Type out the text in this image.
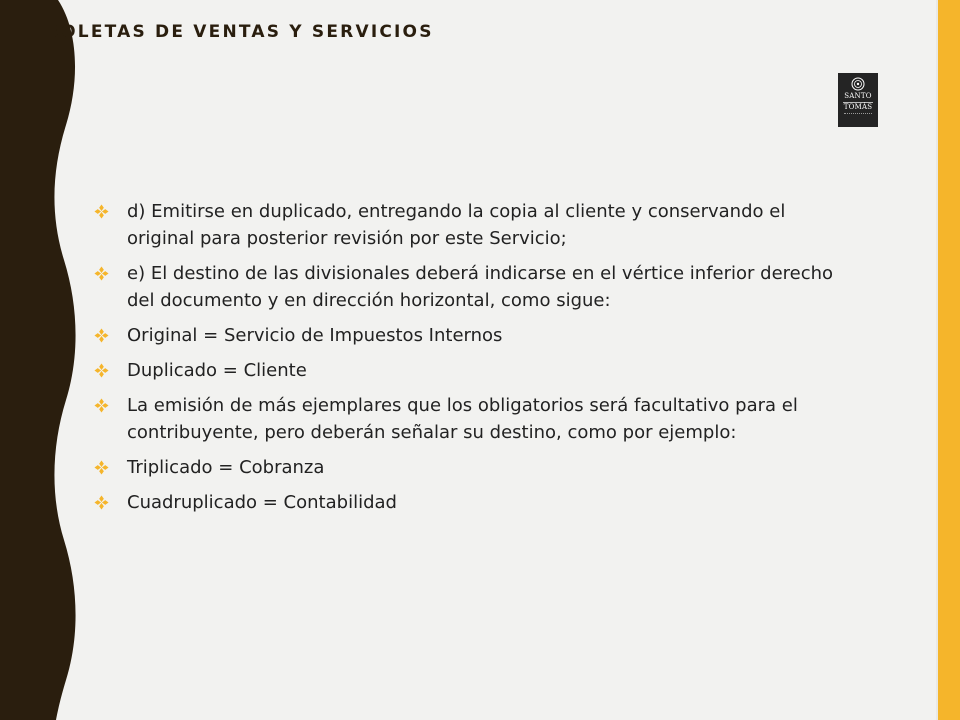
BOLETAS DE VENTAS Y SERVICIOS
SANTO
TOMÁS
d) Emitirse en duplicado, entregando la copia al cliente y conservando el original para posterior revisión por este Servicio;
e) El destino de las divisionales deberá indicarse en el vértice inferior derecho del documento y en dirección horizontal, como sigue:
Original = Servicio de Impuestos Internos
Duplicado = Cliente
La emisión de más ejemplares que los obligatorios será facultativo para el contribuyente, pero deberán señalar su destino, como por ejemplo:
Triplicado = Cobranza
Cuadruplicado = Contabilidad
